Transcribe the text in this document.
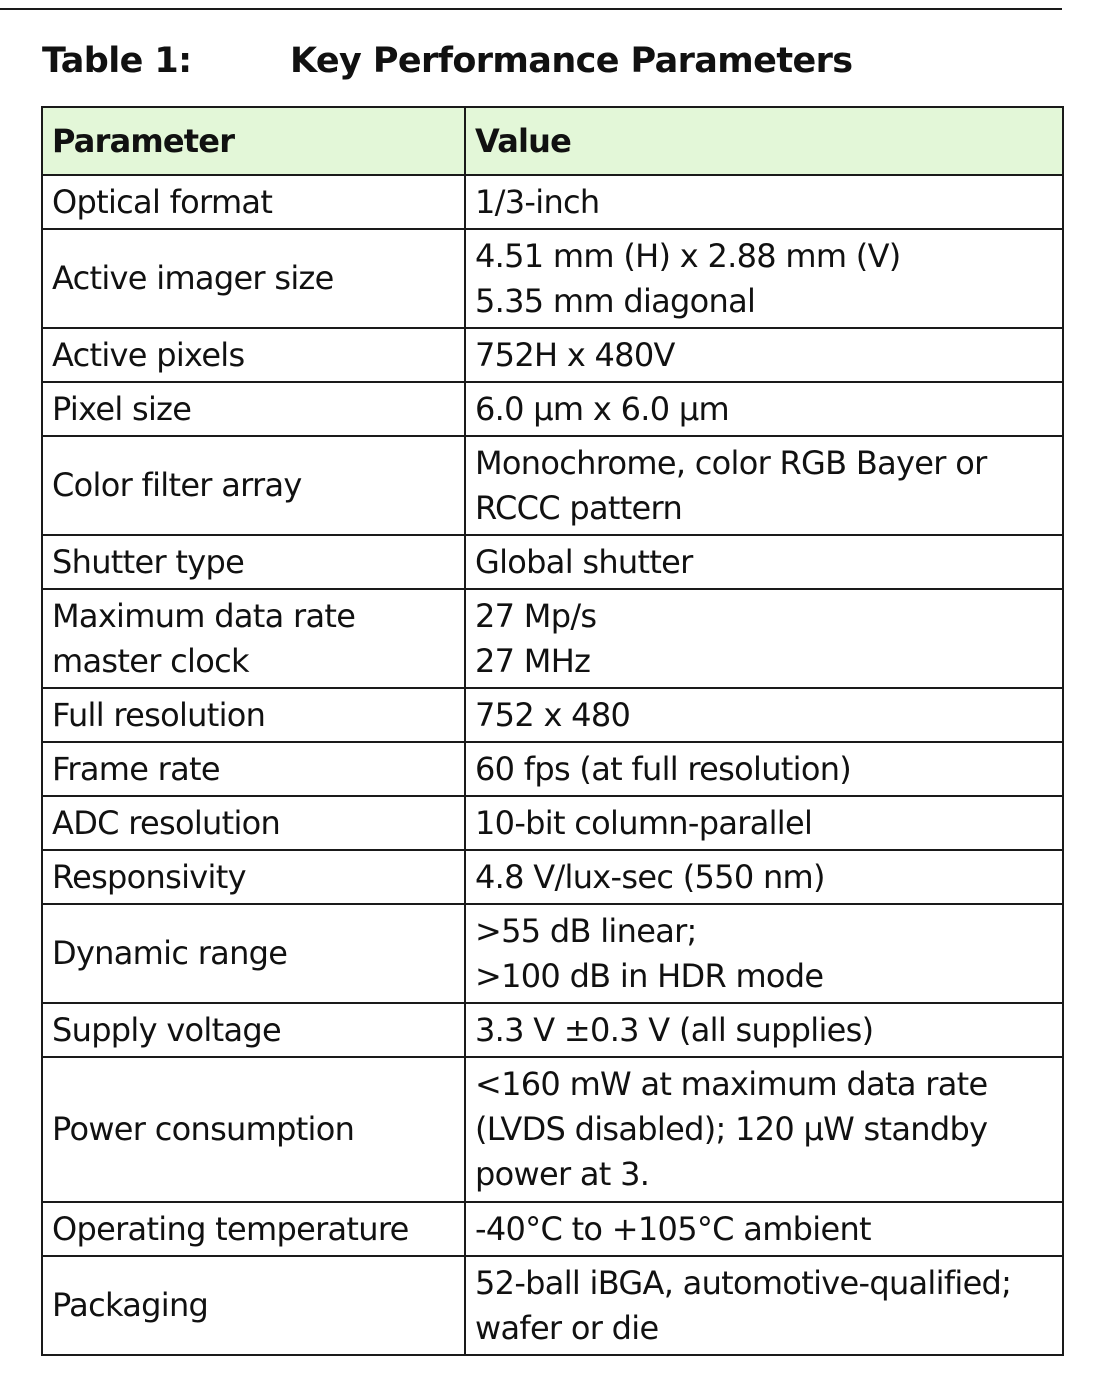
Table 1:	Key Performance Parameters
Parameter	Value

Optical format	1/3-inch

Active imager size	4.51 mm (H) x 2.88 mm (V)
5.35 mm diagonal

Active pixels	752H x 480V

Pixel size	6.0 μm x 6.0 μm

Color filter array	Monochrome, color RGB Bayer or
RCCC pattern

Shutter type	Global shutter

Maximum data rate
master clock	27 Mp/s
27 MHz

Full resolution	752 x 480

Frame rate	60 fps (at full resolution)

ADC resolution	10-bit column-parallel

Responsivity	4.8 V/lux-sec (550 nm)

Dynamic range	>55 dB linear;
>100 dB in HDR mode

Supply voltage	3.3 V ±0.3 V (all supplies)

Power consumption	<160 mW at maximum data rate
(LVDS disabled); 120 μW standby
power at 3.

Operating temperature	-40°C to +105°C ambient

Packaging	52-ball iBGA, automotive-qualified;
wafer or die
